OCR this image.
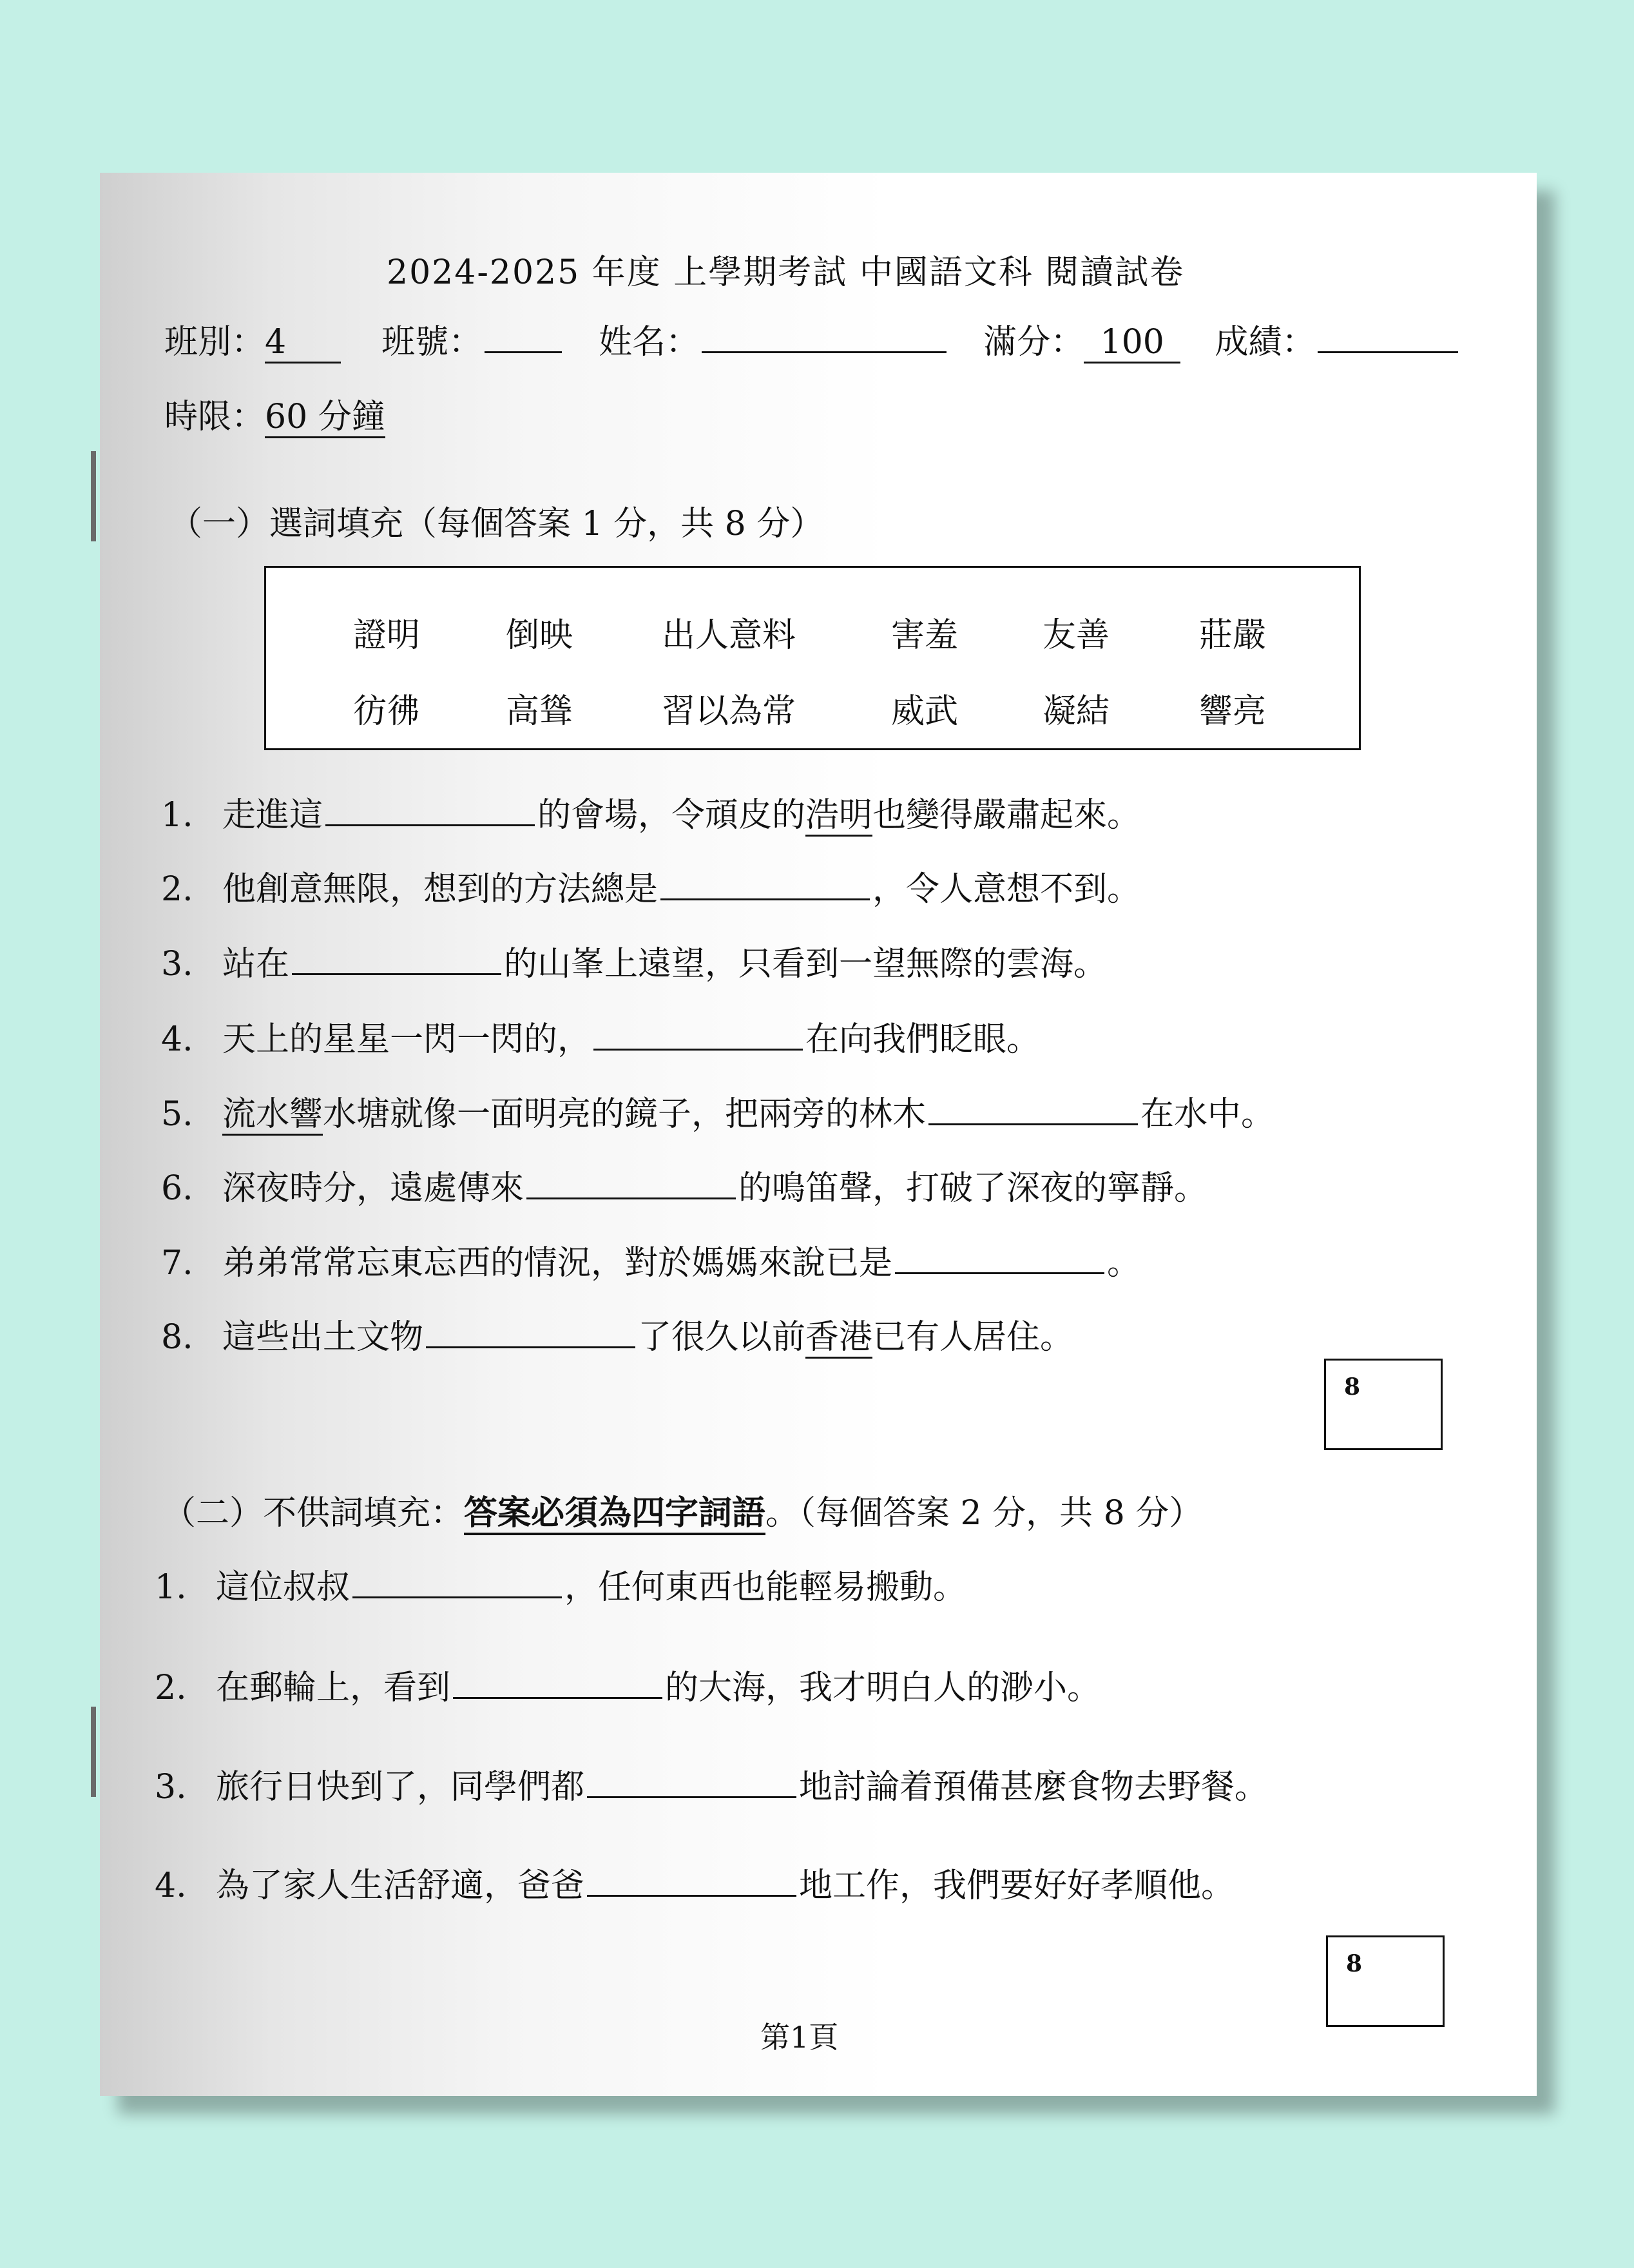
2024-2025 年度 上學期考試 中國語文科 閱讀試卷
班別：4	班號：	姓名：	滿分： 100 成績：
時限：60 分鐘
（一）選詞填充（每個答案 1 分，共 8 分）
證明	倒映	出人意料	害羞	友善	莊嚴
彷彿	高聳	習以為常	威武	凝結	響亮
1. 走進這	的會場，令頑皮的浩明也變得嚴肅起來。
2. 他創意無限，想到的方法總是	，令人意想不到。
3. 站在	的山峯上遠望，只看到一望無際的雲海。
4. 天上的星星一閃一閃的，	在向我們眨眼。
5. 流水響水塘就像一面明亮的鏡子，把兩旁的林木	在水中。
6. 深夜時分，遠處傳來	的鳴笛聲，打破了深夜的寧靜。
7. 弟弟常常忘東忘西的情況，對於媽媽來說已是	。
8. 這些出土文物	了很久以前香港已有人居住。
8
（二）不供詞填充：答案必須為四字詞語。（每個答案 2 分，共 8 分）
1. 這位叔叔	，任何東西也能輕易搬動。
2. 在郵輪上，看到	的大海，我才明白人的渺小。
3. 旅行日快到了，同學們都	地討論着預備甚麼食物去野餐。
4. 為了家人生活舒適，爸爸	地工作，我們要好好孝順他。
8
第1頁
